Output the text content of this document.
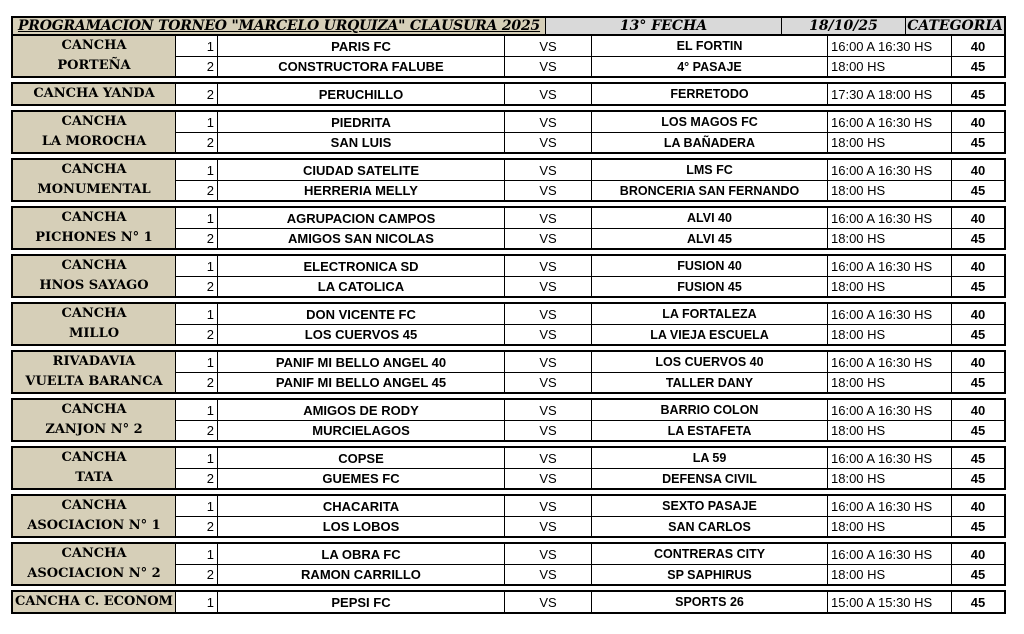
PROGRAMACION TORNEO "MARCELO URQUIZA" CLAUSURA 2025	13° FECHA	18/10/25	CATEGORIA
CANCHA
PORTEÑA
1	PARIS FC	VS	EL FORTIN	16:00 A 16:30 HS	40
2	CONSTRUCTORA FALUBE	VS	4° PASAJE	18:00 HS	45
CANCHA YANDA	2	PERUCHILLO	VS	FERRETODO	17:30 A 18:00 HS	45
CANCHA
LA MOROCHA
1	PIEDRITA	VS	LOS MAGOS FC	16:00 A 16:30 HS	40
2	SAN LUIS	VS	LA BAÑADERA	18:00 HS	45
CANCHA
MONUMENTAL
1	CIUDAD SATELITE	VS	LMS FC	16:00 A 16:30 HS	40
2	HERRERIA MELLY	VS	BRONCERIA SAN FERNANDO	18:00 HS	45
CANCHA
PICHONES N° 1
1	AGRUPACION CAMPOS	VS	ALVI 40	16:00 A 16:30 HS	40
2	AMIGOS SAN NICOLAS	VS	ALVI 45	18:00 HS	45
CANCHA
HNOS SAYAGO
1	ELECTRONICA SD	VS	FUSION 40	16:00 A 16:30 HS	40
2	LA CATOLICA	VS	FUSION 45	18:00 HS	45
CANCHA
MILLO
1	DON VICENTE FC	VS	LA FORTALEZA	16:00 A 16:30 HS	40
2	LOS CUERVOS 45	VS	LA VIEJA ESCUELA	18:00 HS	45
RIVADAVIA
VUELTA BARANCA
1	PANIF MI BELLO ANGEL 40	VS	LOS CUERVOS 40	16:00 A 16:30 HS	40
2	PANIF MI BELLO ANGEL 45	VS	TALLER DANY	18:00 HS	45
CANCHA
ZANJON N° 2
1	AMIGOS DE RODY	VS	BARRIO COLON	16:00 A 16:30 HS	40
2	MURCIELAGOS	VS	LA ESTAFETA	18:00 HS	45
CANCHA
TATA
1	COPSE	VS	LA 59	16:00 A 16:30 HS	45
2	GUEMES FC	VS	DEFENSA CIVIL	18:00 HS	45
CANCHA
ASOCIACION N° 1
1	CHACARITA	VS	SEXTO PASAJE	16:00 A 16:30 HS	40
2	LOS LOBOS	VS	SAN CARLOS	18:00 HS	45
CANCHA
ASOCIACION N° 2
1	LA OBRA FC	VS	CONTRERAS CITY	16:00 A 16:30 HS	40
2	RAMON CARRILLO	VS	SP SAPHIRUS	18:00 HS	45
CANCHA C. ECONOM	1	PEPSI FC	VS	SPORTS 26	15:00 A 15:30 HS	45
